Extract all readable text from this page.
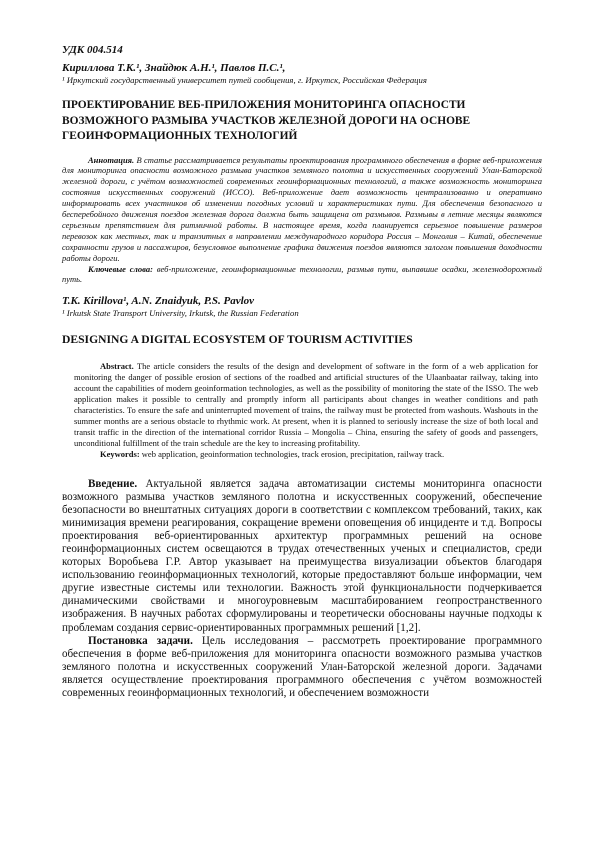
УДК 004.514

Кириллова Т.К.¹, Знайдюк А.Н.¹, Павлов П.С.¹,

¹ Иркутский государственный университет путей сообщения, г. Иркутск, Российская Федерация

ПРОЕКТИРОВАНИЕ ВЕБ-ПРИЛОЖЕНИЯ МОНИТОРИНГА ОПАСНОСТИ ВОЗМОЖНОГО РАЗМЫВА УЧАСТКОВ ЖЕЛЕЗНОЙ ДОРОГИ НА ОСНОВЕ ГЕОИНФОРМАЦИОННЫХ ТЕХНОЛОГИЙ

Аннотация. В статье рассматривается результаты проектирования программного обеспечения в форме веб-приложения для мониторинга опасности возможного размыва участков земляного полотна и искусственных сооружений Улан-Баторской железной дороги, с учётом возможностей современных геоинформационных технологий, а также возможность мониторинга состояния искусственных сооружений (ИССО). Веб-приложение дает возможность централизованно и оперативно информировать всех участников об изменении погодных условий и характеристиках пути. Для обеспечения безопасного и бесперебойного движения поездов железная дорога должна быть защищена от размывов. Размывы в летние месяцы являются серьезным препятствием для ритмичной работы. В настоящее время, когда планируется серьезное повышение размеров перевозок как местных, так и транзитных в направлении международного коридора Россия – Монголия – Китай, обеспечение сохранности грузов и пассажиров, безусловное выполнение графика движения поездов являются залогом повышения доходности работы дороги.

Ключевые слова: веб-приложение, геоинформационные технологии, размыв пути, выпавшие осадки, железнодорожный путь.

T.K. Kirillova¹, A.N. Znaidyuk, P.S. Pavlov

¹ Irkutsk State Transport University, Irkutsk, the Russian Federation

DESIGNING A DIGITAL ECOSYSTEM OF TOURISM ACTIVITIES

Abstract. The article considers the results of the design and development of software in the form of a web application for monitoring the danger of possible erosion of sections of the roadbed and artificial structures of the Ulaanbaatar railway, taking into account the capabilities of modern geoinformation technologies, as well as the possibility of monitoring the state of the ISSO. The web application makes it possible to centrally and promptly inform all participants about changes in weather conditions and path characteristics. To ensure the safe and uninterrupted movement of trains, the railway must be protected from washouts. Washouts in the summer months are a serious obstacle to rhythmic work. At present, when it is planned to seriously increase the size of both local and transit traffic in the direction of the international corridor Russia – Mongolia – China, ensuring the safety of goods and passengers, unconditional fulfillment of the train schedule are the key to increasing profitability.

Keywords: web application, geoinformation technologies, track erosion, precipitation, railway track.

Введение. Актуальной является задача автоматизации системы мониторинга опасности возможного размыва участков земляного полотна и искусственных сооружений, обеспечение безопасности во внештатных ситуациях дороги в соответствии с комплексом требований, таких, как минимизация времени реагирования, сокращение времени оповещения об инциденте и т.д. Вопросы проектирования веб-ориентированных архитектур программных решений на основе геоинформационных систем освещаются в трудах отечественных ученых и специалистов, среди которых Воробьева Г.Р. Автор указывает на преимущества визуализации объектов благодаря использованию геоинформационных технологий, которые предоставляют больше информации, чем другие известные системы или технологии. Важность этой функциональности подчеркивается динамическими свойствами и многоуровневым масштабированием геопространственного изображения. В научных работах сформулированы и теоретически обоснованы научные подходы к проблемам создания сервис-ориентированных программных решений [1,2].

Постановка задачи. Цель исследования – рассмотреть проектирование программного обеспечения в форме веб-приложения для мониторинга опасности возможного размыва участков земляного полотна и искусственных сооружений Улан-Баторской железной дороги. Задачами является осуществление проектирования программного обеспечения с учётом возможностей современных геоинформационных технологий, и обеспечением возможности
